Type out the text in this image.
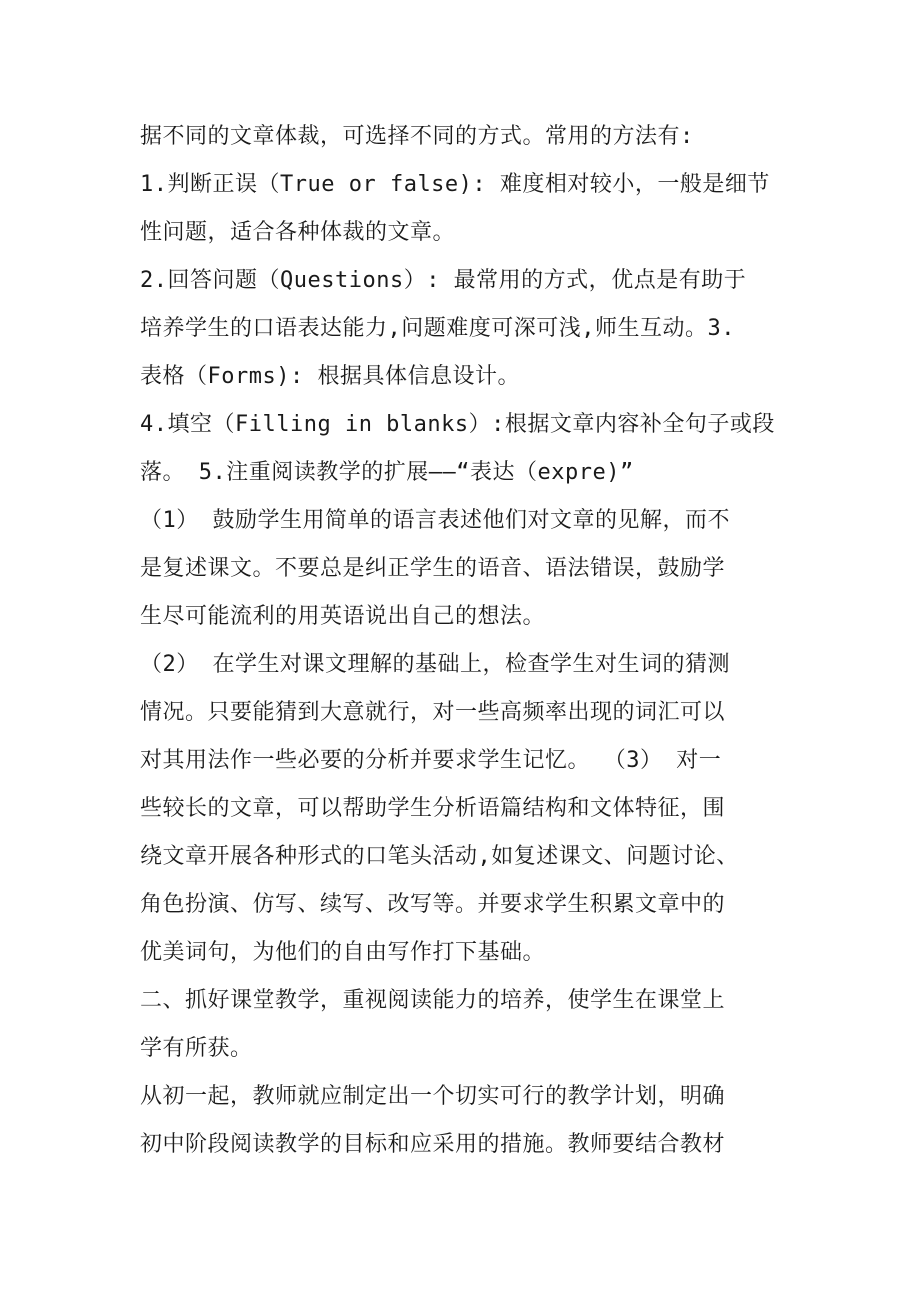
据不同的文章体裁，可选择不同的方式。常用的方法有:
1.判断正误（True or false): 难度相对较小，一般是细节
性问题，适合各种体裁的文章。
2.回答问题（Questions）: 最常用的方式，优点是有助于
培养学生的口语表达能力,问题难度可深可浅,师生互动。3.
表格（Forms): 根据具体信息设计。
4.填空（Filling in blanks）:根据文章内容补全句子或段
落。 5.注重阅读教学的扩展——“表达（expre)”
（1） 鼓励学生用简单的语言表述他们对文章的见解，而不
是复述课文。不要总是纠正学生的语音、语法错误，鼓励学
生尽可能流利的用英语说出自己的想法。
（2） 在学生对课文理解的基础上，检查学生对生词的猜测
情况。只要能猜到大意就行，对一些高频率出现的词汇可以
对其用法作一些必要的分析并要求学生记忆。 （3） 对一
些较长的文章，可以帮助学生分析语篇结构和文体特征，围
绕文章开展各种形式的口笔头活动,如复述课文、问题讨论、
角色扮演、仿写、续写、改写等。并要求学生积累文章中的
优美词句，为他们的自由写作打下基础。
二、抓好课堂教学，重视阅读能力的培养，使学生在课堂上
学有所获。
从初一起，教师就应制定出一个切实可行的教学计划，明确
初中阶段阅读教学的目标和应采用的措施。教师要结合教材
